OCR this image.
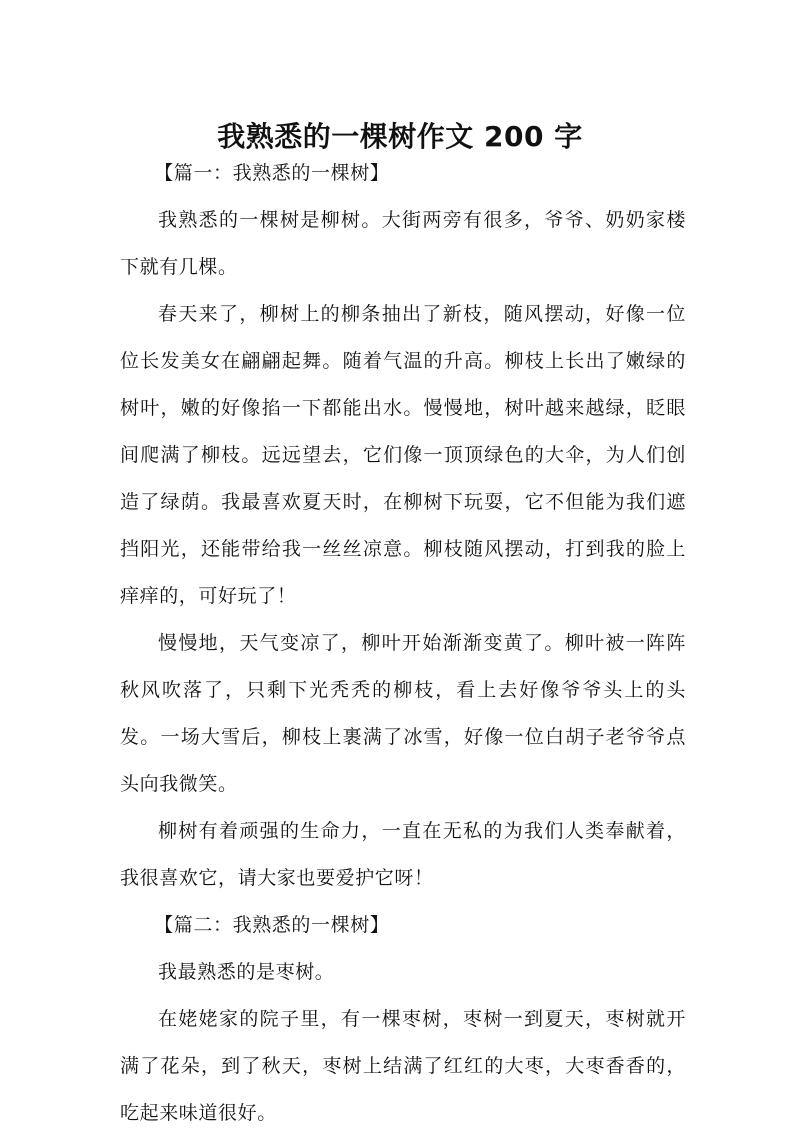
我熟悉的一棵树作文 200 字

【篇一：我熟悉的一棵树】

我熟悉的一棵树是柳树。大街两旁有很多，爷爷、奶奶家楼下就有几棵。

春天来了，柳树上的柳条抽出了新枝，随风摆动，好像一位位长发美女在翩翩起舞。随着气温的升高。柳枝上长出了嫩绿的树叶，嫩的好像掐一下都能出水。慢慢地，树叶越来越绿，眨眼间爬满了柳枝。远远望去，它们像一顶顶绿色的大伞，为人们创造了绿荫。我最喜欢夏天时，在柳树下玩耍，它不但能为我们遮挡阳光，还能带给我一丝丝凉意。柳枝随风摆动，打到我的脸上痒痒的，可好玩了！

慢慢地，天气变凉了，柳叶开始渐渐变黄了。柳叶被一阵阵秋风吹落了，只剩下光秃秃的柳枝，看上去好像爷爷头上的头发。一场大雪后，柳枝上裹满了冰雪，好像一位白胡子老爷爷点头向我微笑。

柳树有着顽强的生命力，一直在无私的为我们人类奉献着，我很喜欢它，请大家也要爱护它呀！

【篇二：我熟悉的一棵树】

我最熟悉的是枣树。

在姥姥家的院子里，有一棵枣树，枣树一到夏天，枣树就开满了花朵，到了秋天，枣树上结满了红红的大枣，大枣香香的，吃起来味道很好。
